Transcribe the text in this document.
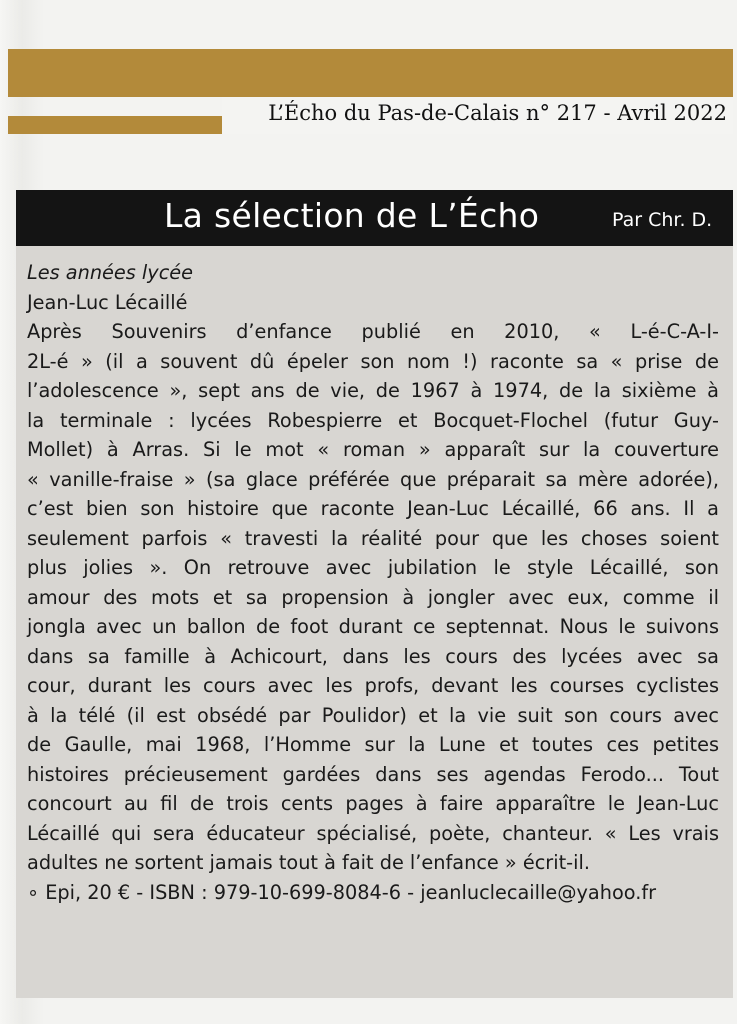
L’Écho du Pas-de-Calais n° 217 - Avril 2022
La sélection de L’Écho	Par Chr. D.
Les années lycée
Jean-Luc Lécaillé
Après Souvenirs d’enfance publié en 2010, « L-é-C-A-I-
2L-é » (il a souvent dû épeler son nom !) raconte sa « prise de
l’adolescence », sept ans de vie, de 1967 à 1974, de la sixième à
la terminale : lycées Robespierre et Bocquet-Flochel (futur Guy-
Mollet) à Arras. Si le mot « roman » apparaît sur la couverture
« vanille-fraise » (sa glace préférée que préparait sa mère adorée),
c’est bien son histoire que raconte Jean-Luc Lécaillé, 66 ans. Il a
seulement parfois « travesti la réalité pour que les choses soient
plus jolies ». On retrouve avec jubilation le style Lécaillé, son
amour des mots et sa propension à jongler avec eux, comme il
jongla avec un ballon de foot durant ce septennat. Nous le suivons
dans sa famille à Achicourt, dans les cours des lycées avec sa
cour, durant les cours avec les profs, devant les courses cyclistes
à la télé (il est obsédé par Poulidor) et la vie suit son cours avec
de Gaulle, mai 1968, l’Homme sur la Lune et toutes ces petites
histoires précieusement gardées dans ses agendas Ferodo... Tout
concourt au fil de trois cents pages à faire apparaître le Jean-Luc
Lécaillé qui sera éducateur spécialisé, poète, chanteur. « Les vrais
adultes ne sortent jamais tout à fait de l’enfance » écrit-il.
∘ Epi, 20 € - ISBN : 979-10-699-8084-6 - jeanluclecaille@yahoo.fr
